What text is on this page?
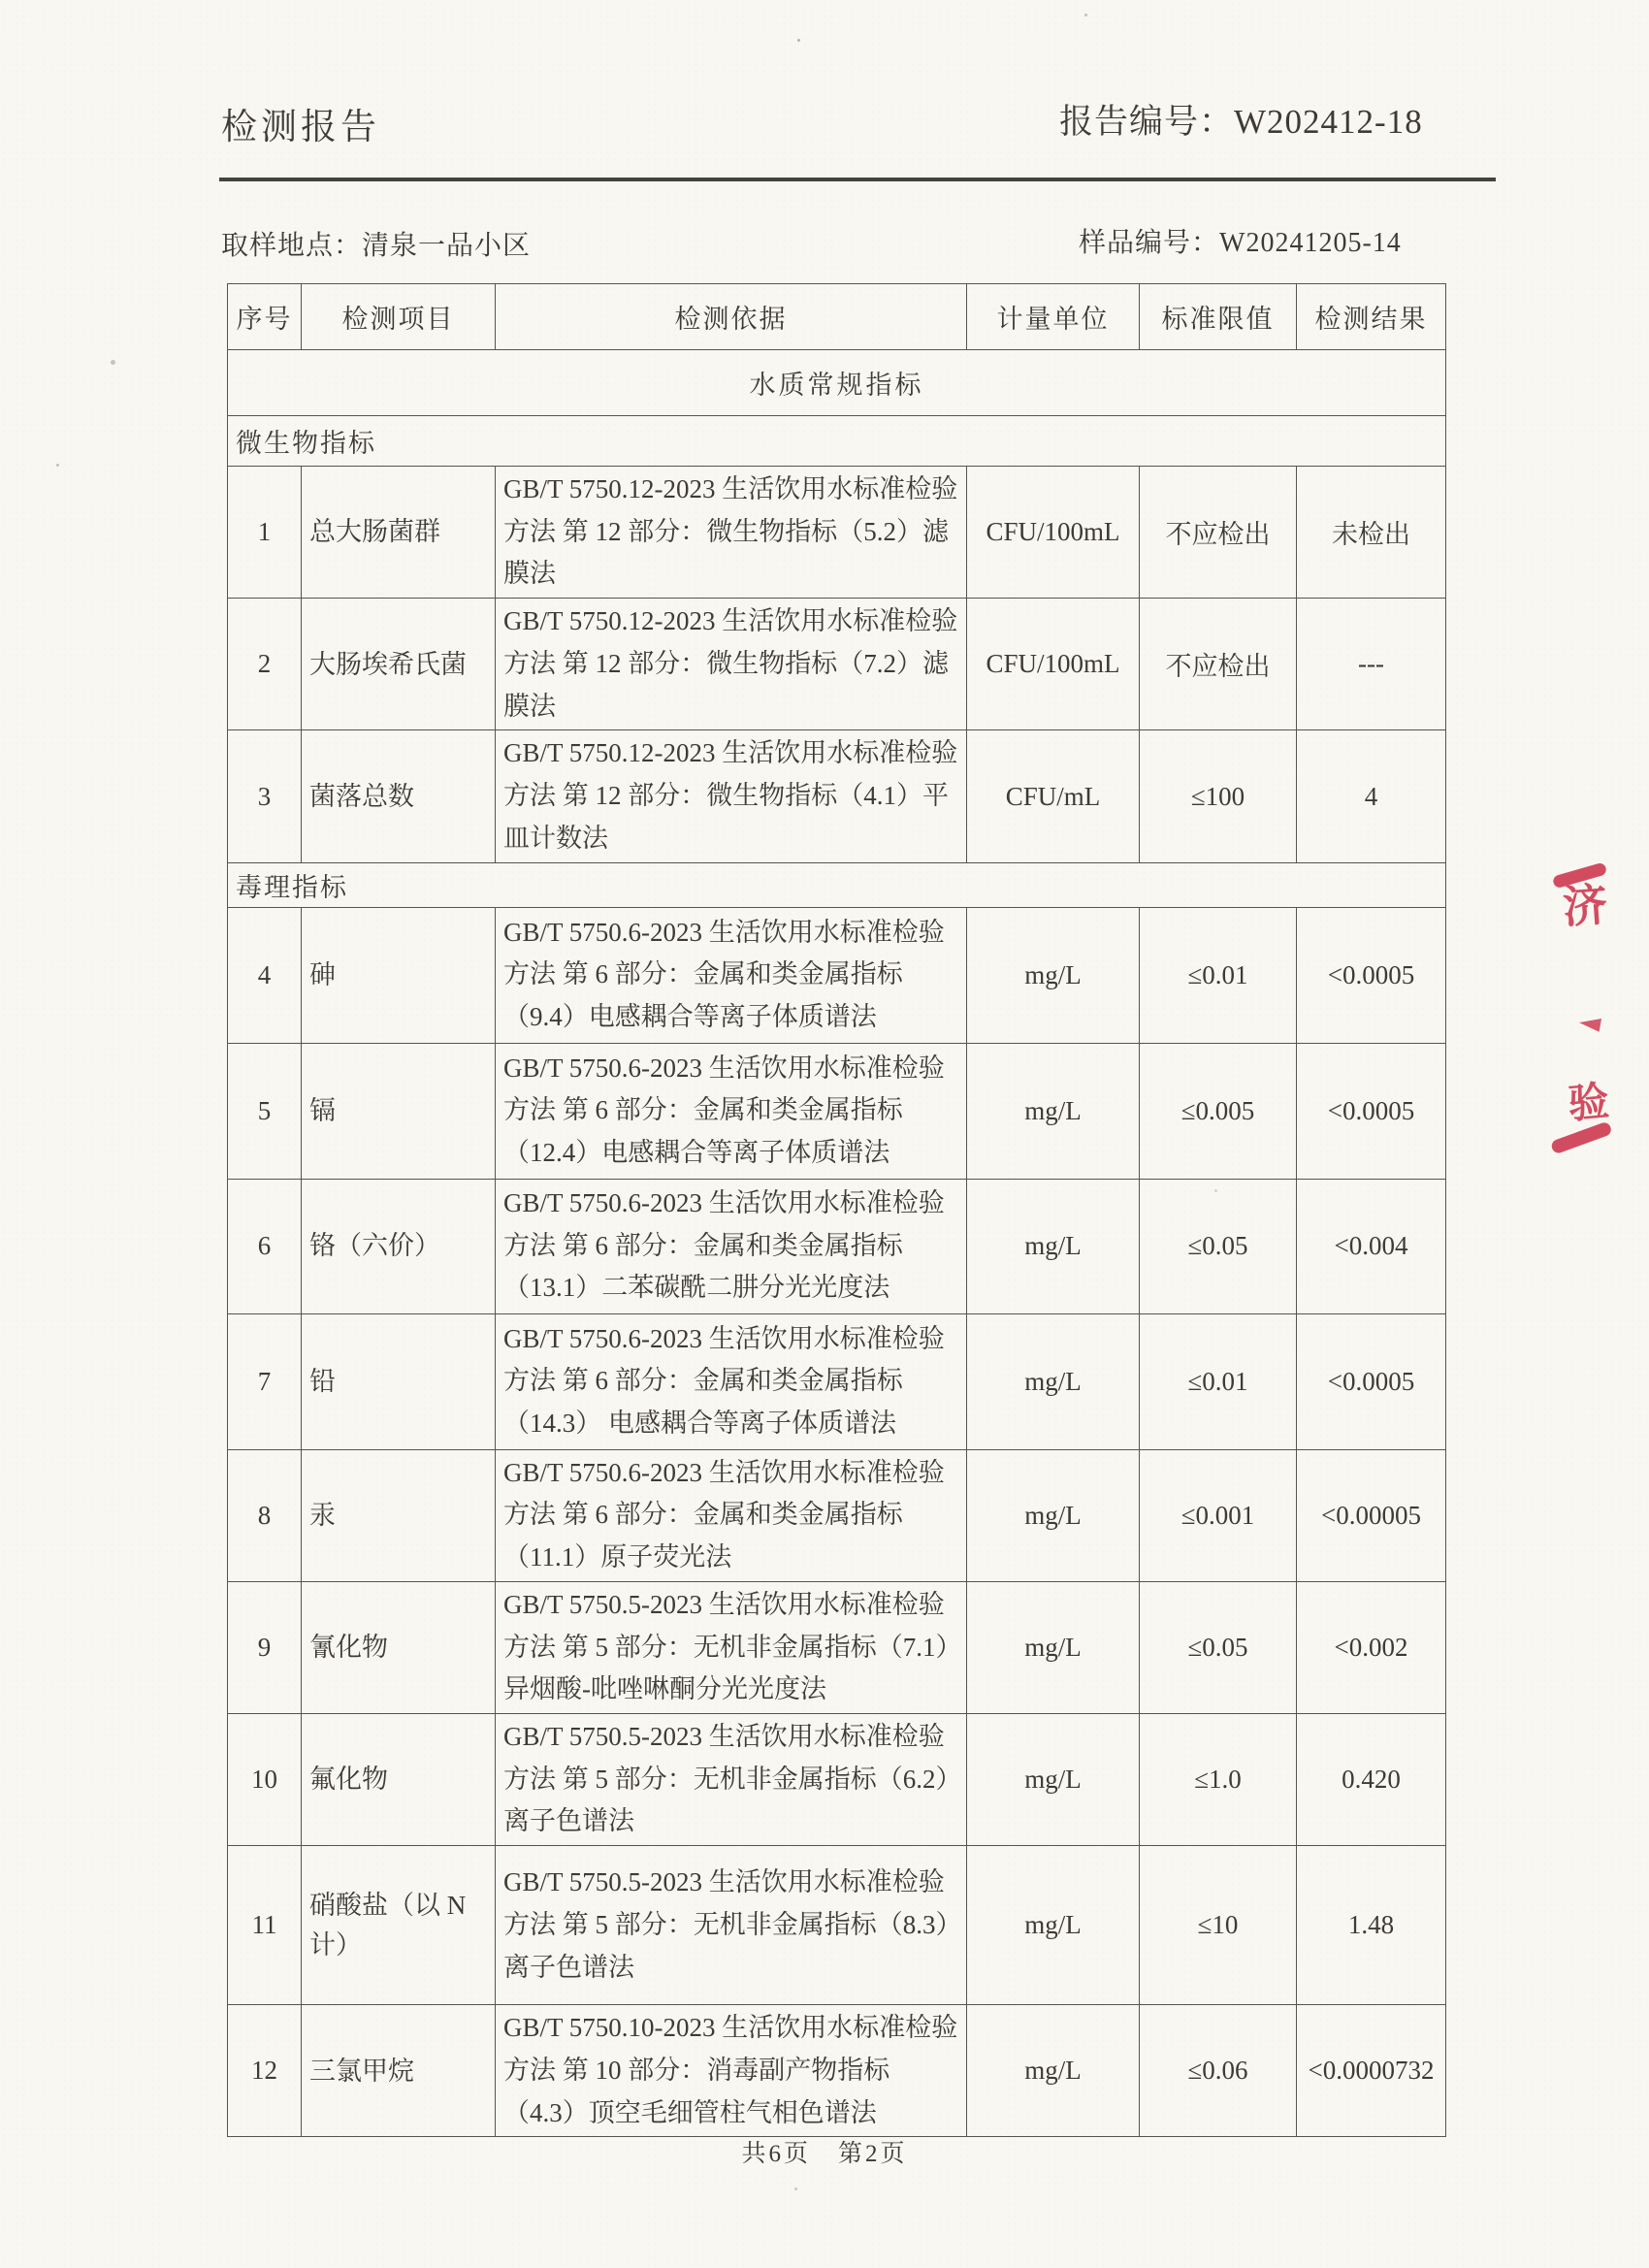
检测报告	报告编号：W202412-18
取样地点：清泉一品小区	样品编号：W20241205-14
序号	检测项目	检测依据	计量单位	标准限值	检测结果
水质常规指标					
微生物指标					
1	总大肠菌群	GB/T 5750.12-2023 生活饮用水标准检验方法 第 12 部分：微生物指标（5.2）滤膜法	CFU/100mL	不应检出	未检出
2	大肠埃希氏菌	GB/T 5750.12-2023 生活饮用水标准检验方法 第 12 部分：微生物指标（7.2）滤膜法	CFU/100mL	不应检出	---
3	菌落总数	GB/T 5750.12-2023 生活饮用水标准检验方法 第 12 部分：微生物指标（4.1）平皿计数法	CFU/mL	≤100	4
毒理指标					
4	砷	GB/T 5750.6-2023 生活饮用水标准检验方法 第 6 部分：金属和类金属指标（9.4）电感耦合等离子体质谱法	mg/L	≤0.01	<0.0005
5	镉	GB/T 5750.6-2023 生活饮用水标准检验方法 第 6 部分：金属和类金属指标（12.4）电感耦合等离子体质谱法	mg/L	≤0.005	<0.0005
6	铬（六价）	GB/T 5750.6-2023 生活饮用水标准检验方法 第 6 部分：金属和类金属指标（13.1）二苯碳酰二肼分光光度法	mg/L	≤0.05	<0.004
7	铅	GB/T 5750.6-2023 生活饮用水标准检验方法 第 6 部分：金属和类金属指标（14.3） 电感耦合等离子体质谱法	mg/L	≤0.01	<0.0005
8	汞	GB/T 5750.6-2023 生活饮用水标准检验方法 第 6 部分：金属和类金属指标（11.1）原子荧光法	mg/L	≤0.001	<0.00005
9	氰化物	GB/T 5750.5-2023 生活饮用水标准检验方法 第 5 部分：无机非金属指标（7.1）异烟酸-吡唑啉酮分光光度法	mg/L	≤0.05	<0.002
10	氟化物	GB/T 5750.5-2023 生活饮用水标准检验方法 第 5 部分：无机非金属指标（6.2）离子色谱法	mg/L	≤1.0	0.420
11	硝酸盐（以 N 计）	GB/T 5750.5-2023 生活饮用水标准检验方法 第 5 部分：无机非金属指标（8.3）离子色谱法	mg/L	≤10	1.48
12	三氯甲烷	GB/T 5750.10-2023 生活饮用水标准检验方法 第 10 部分：消毒副产物指标（4.3）顶空毛细管柱气相色谱法	mg/L	≤0.06	<0.0000732
共6页　第2页
济
验
